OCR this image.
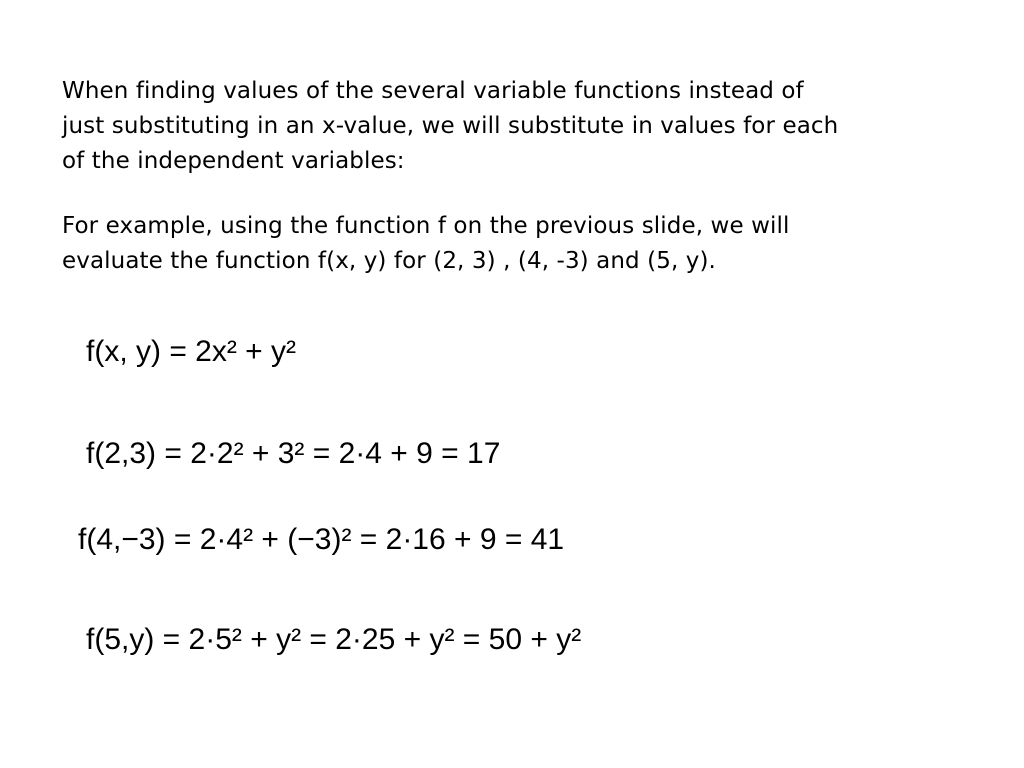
When finding values of the several variable functions instead of
just substituting in an x-value, we will substitute in values for each
of the independent variables:

For example, using the function f on the previous slide, we will
evaluate the function f(x, y) for (2, 3) , (4, -3) and (5, y).

f(x, y) = 2x² + y²
f(2,3) = 2·2² + 3² = 2·4 + 9 = 17
f(4,−3) = 2·4² + (−3)² = 2·16 + 9 = 41
f(5,y) = 2·5² + y² = 2·25 + y² = 50 + y²
